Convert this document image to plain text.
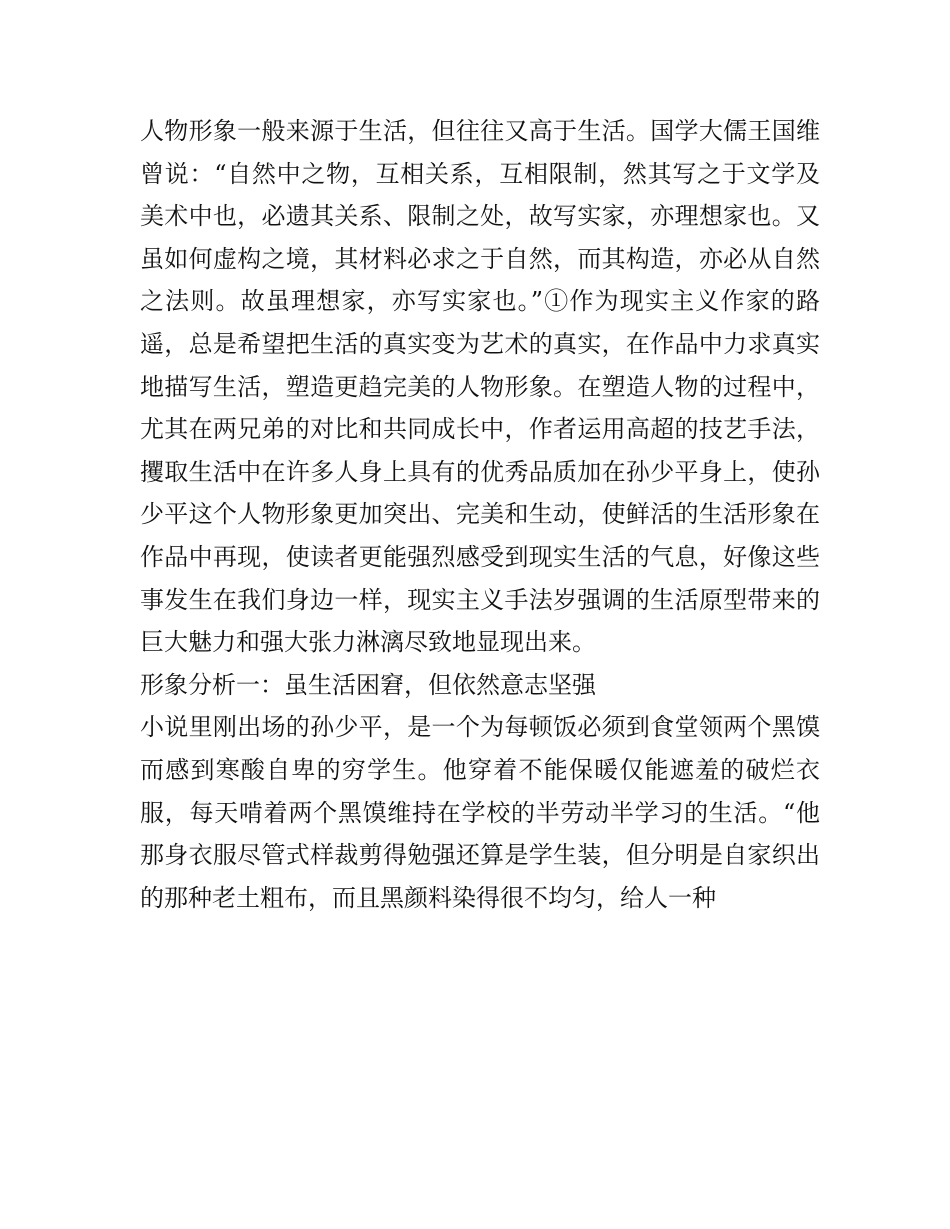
人物形象一般来源于生活，但往往又高于生活。国学大儒王国维曾说：“自然中之物，互相关系，互相限制，然其写之于文学及美术中也，必遗其关系、限制之处，故写实家，亦理想家也。又虽如何虚构之境，其材料必求之于自然，而其构造，亦必从自然之法则。故虽理想家，亦写实家也。”①作为现实主义作家的路遥，总是希望把生活的真实变为艺术的真实，在作品中力求真实地描写生活，塑造更趋完美的人物形象。在塑造人物的过程中，尤其在两兄弟的对比和共同成长中，作者运用高超的技艺手法，攫取生活中在许多人身上具有的优秀品质加在孙少平身上，使孙少平这个人物形象更加突出、完美和生动，使鲜活的生活形象在作品中再现，使读者更能强烈感受到现实生活的气息，好像这些事发生在我们身边一样，现实主义手法岁强调的生活原型带来的巨大魅力和强大张力淋漓尽致地显现出来。

形象分析一：虽生活困窘，但依然意志坚强

小说里刚出场的孙少平，是一个为每顿饭必须到食堂领两个黑馍而感到寒酸自卑的穷学生。他穿着不能保暖仅能遮羞的破烂衣服，每天啃着两个黑馍维持在学校的半劳动半学习的生活。“他那身衣服尽管式样裁剪得勉强还算是学生装，但分明是自家织出的那种老土粗布，而且黑颜料染得很不均匀，给人一种
